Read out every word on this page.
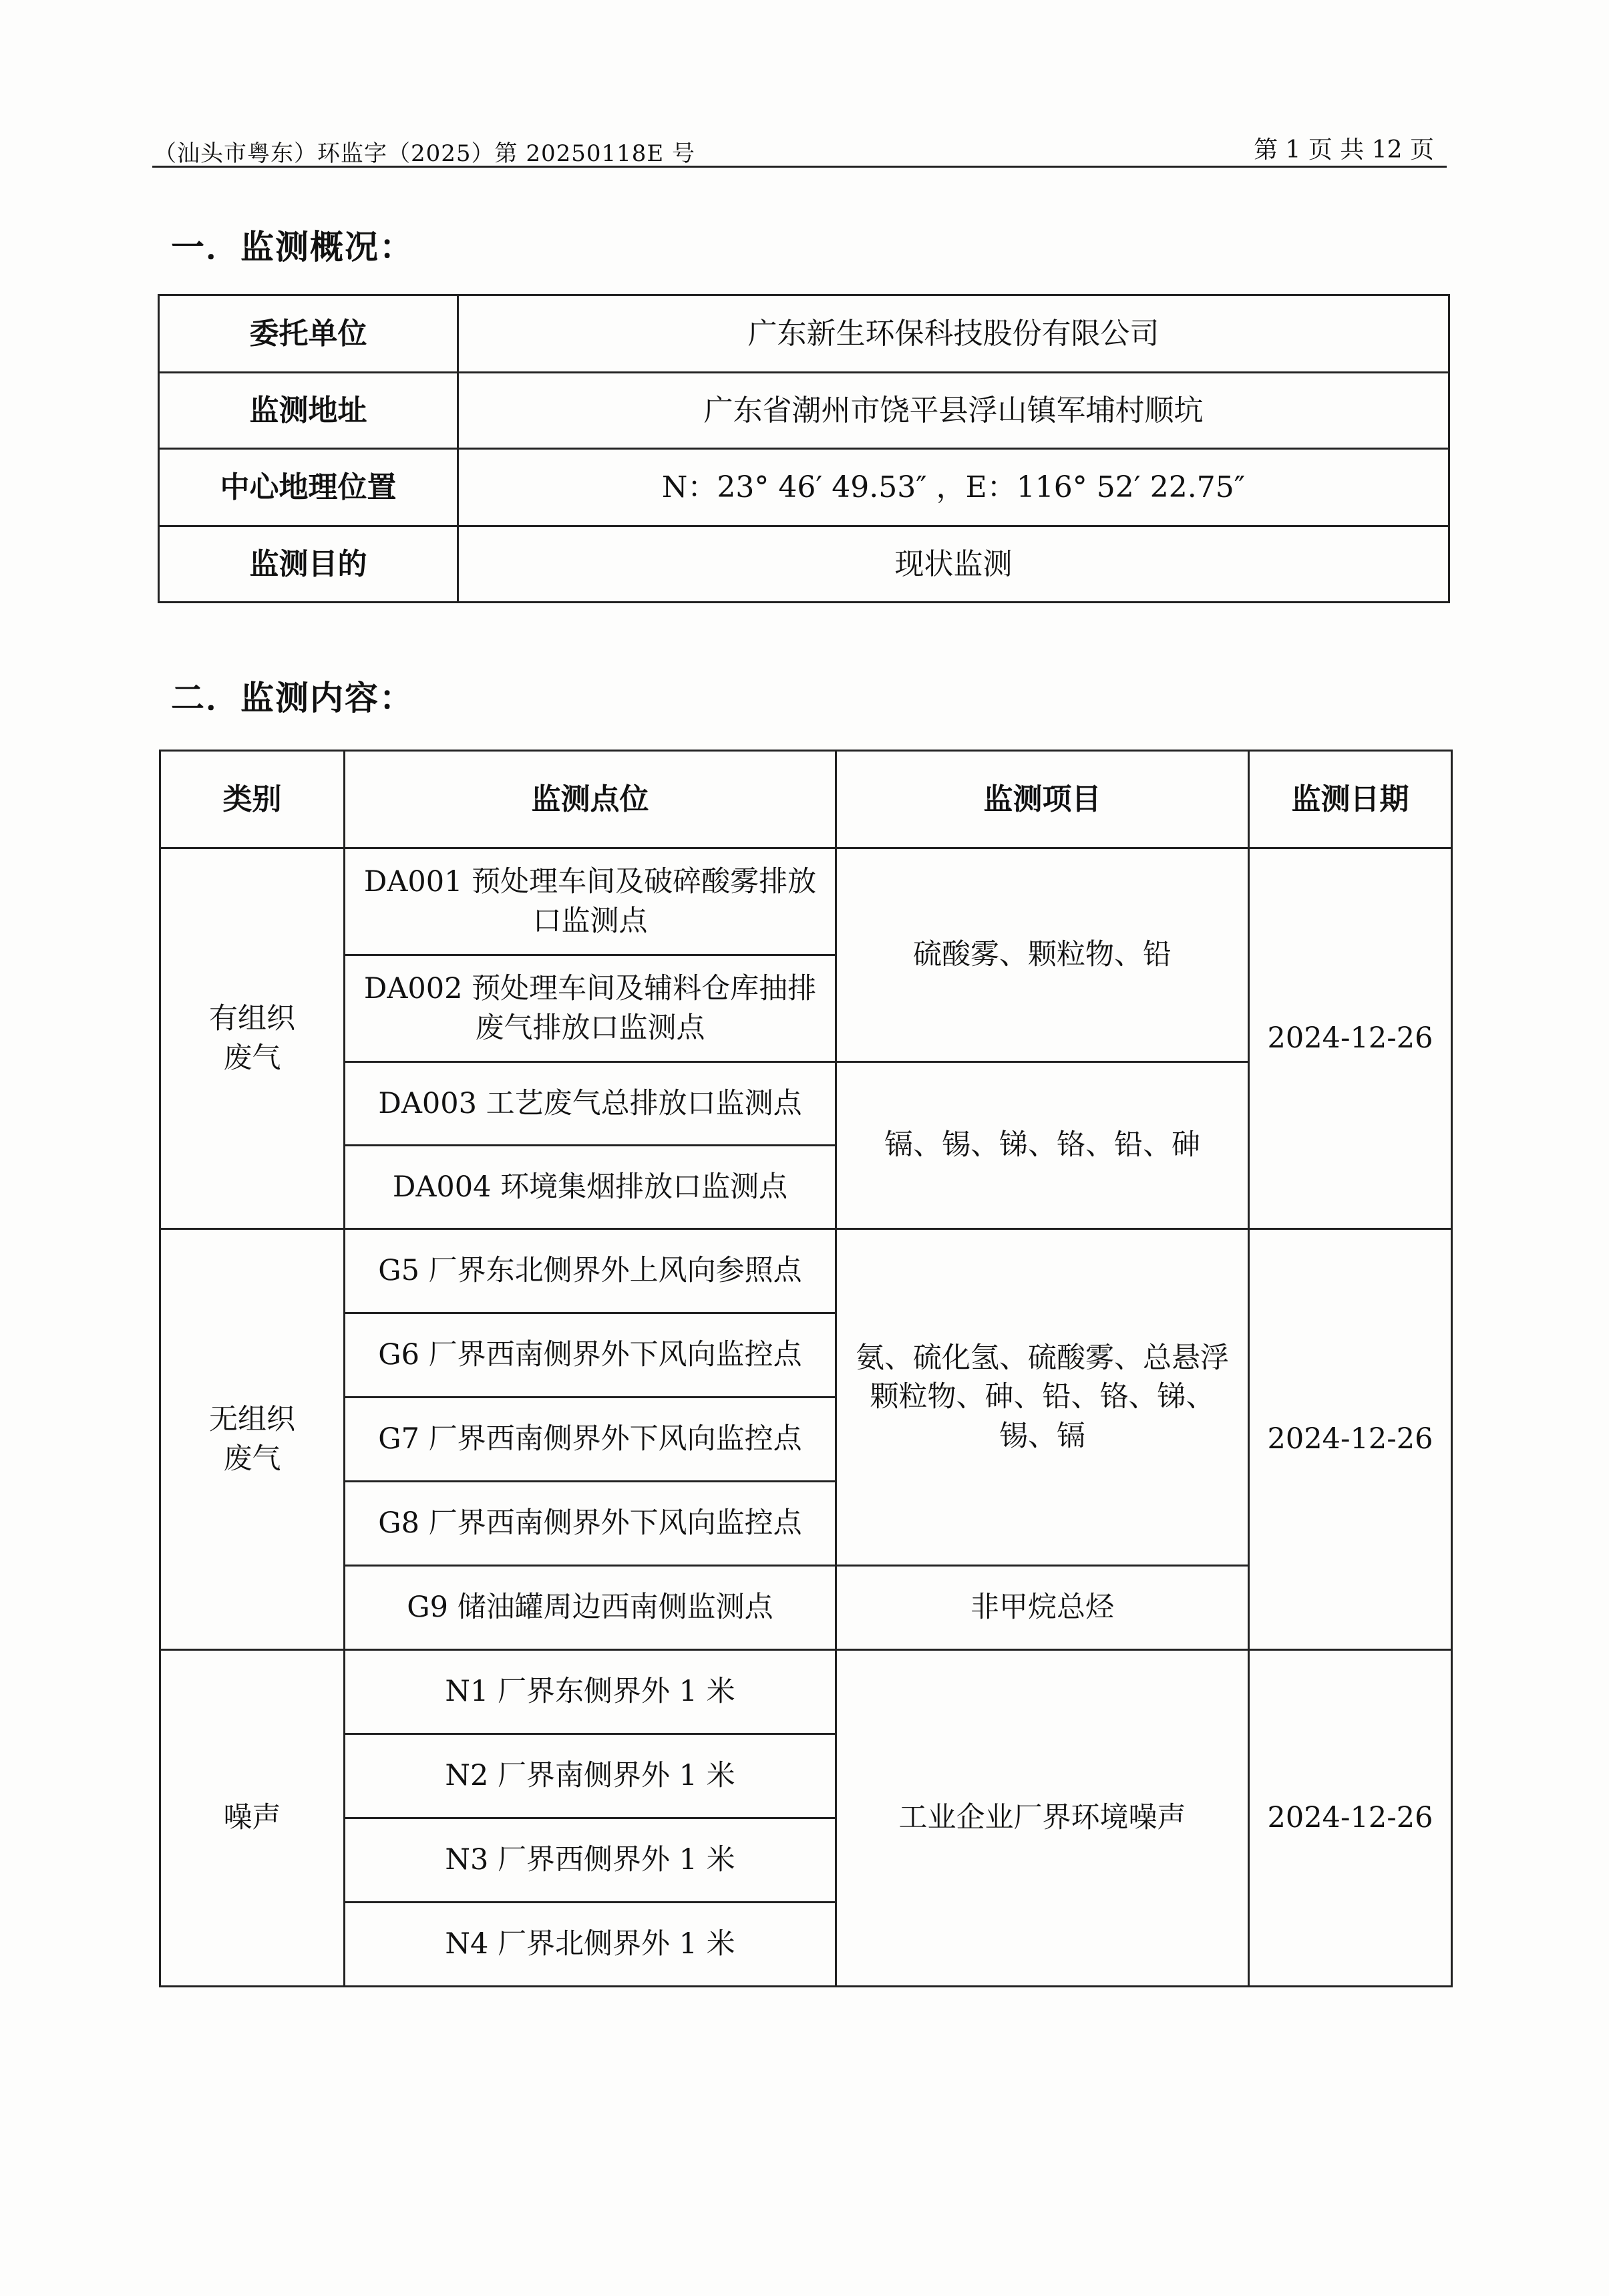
（汕头市粤东）环监字（2025）第 20250118E 号	第 1 页 共 12 页
一．监测概况：
委托单位	广东新生环保科技股份有限公司
监测地址	广东省潮州市饶平县浮山镇军埔村顺坑
中心地理位置	N：23° 46′ 49.53″ ，E：116° 52′ 22.75″
监测目的	现状监测
二．监测内容：
类别	监测点位	监测项目	监测日期
有组织
废气	DA001 预处理车间及破碎酸雾排放口监测点	硫酸雾、颗粒物、铅	2024-12-26
	DA002 预处理车间及辅料仓库抽排废气排放口监测点		
	DA003 工艺废气总排放口监测点	镉、锡、锑、铬、铅、砷	
	DA004 环境集烟排放口监测点		
无组织
废气	G5 厂界东北侧界外上风向参照点	氨、硫化氢、硫酸雾、总悬浮颗粒物、砷、铅、铬、锑、锡、镉	2024-12-26
	G6 厂界西南侧界外下风向监控点		
	G7 厂界西南侧界外下风向监控点		
	G8 厂界西南侧界外下风向监控点		
	G9 储油罐周边西南侧监测点	非甲烷总烃	
噪声	N1 厂界东侧界外 1 米	工业企业厂界环境噪声	2024-12-26
	N2 厂界南侧界外 1 米		
	N3 厂界西侧界外 1 米		
	N4 厂界北侧界外 1 米		
